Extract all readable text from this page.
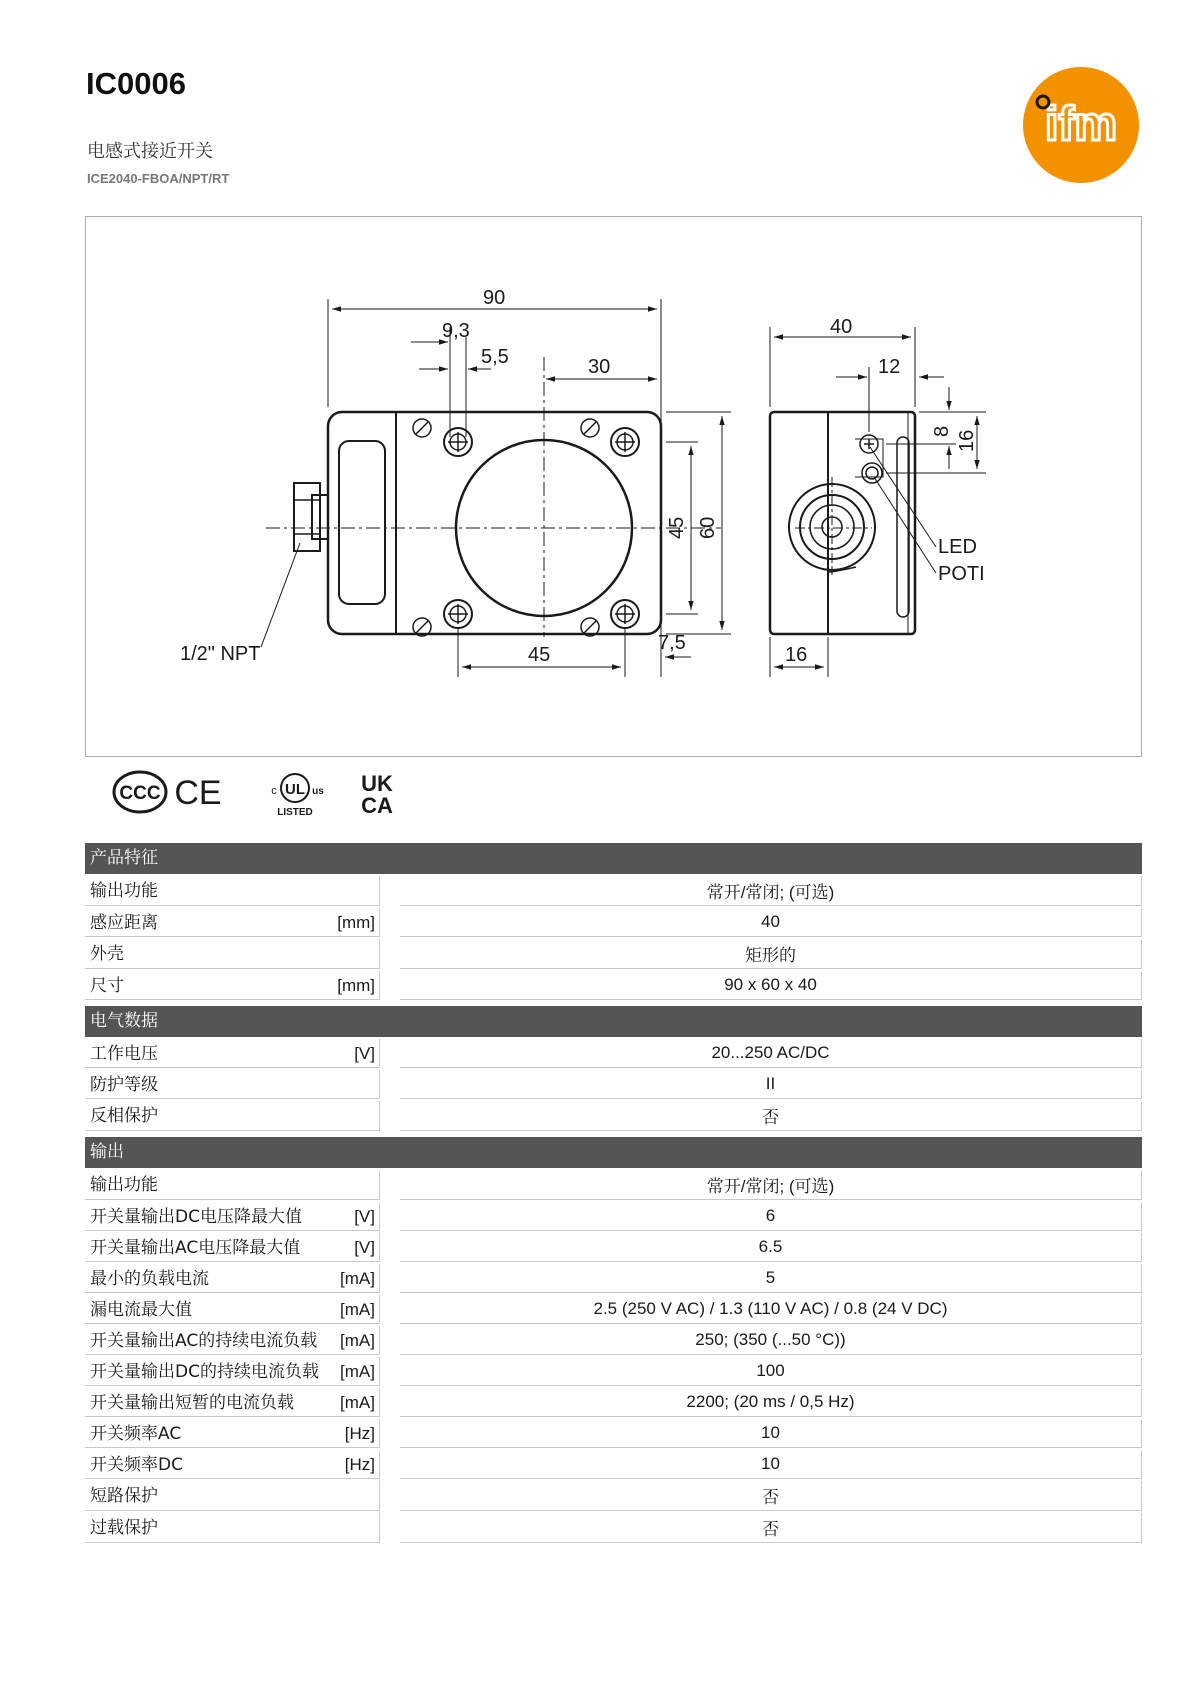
IC0006
电感式接近开关
ICE2040-FBOA/NPT/RT
ifm
90
9,3
5,5	30
45 60
45
7,5
1/2" NPT
40
12
8 16
16
LED
POTI
CCC CE	UL
c	us
LISTED
UK
CA
产品特征
输出功能	常开/常闭; (可选)
感应距离	[mm]	40
外壳	矩形的
尺寸	[mm]	90 x 60 x 40
电气数据
工作电压	[V]	20...250 AC/DC
防护等级	II
反相保护	否
输出
输出功能	常开/常闭; (可选)
开关量输出DC电压降最大值	[V]	6
开关量输出AC电压降最大值	[V]	6.5
最小的负载电流	[mA]	5
漏电流最大值	[mA]	2.5 (250 V AC) / 1.3 (110 V AC) / 0.8 (24 V DC)
开关量输出AC的持续电流负载	[mA]	250; (350 (...50 °C))
开关量输出DC的持续电流负载	[mA]	100
开关量输出短暂的电流负载	[mA]	2200; (20 ms / 0,5 Hz)
开关频率AC	[Hz]	10
开关频率DC	[Hz]	10
短路保护	否
过载保护	否
